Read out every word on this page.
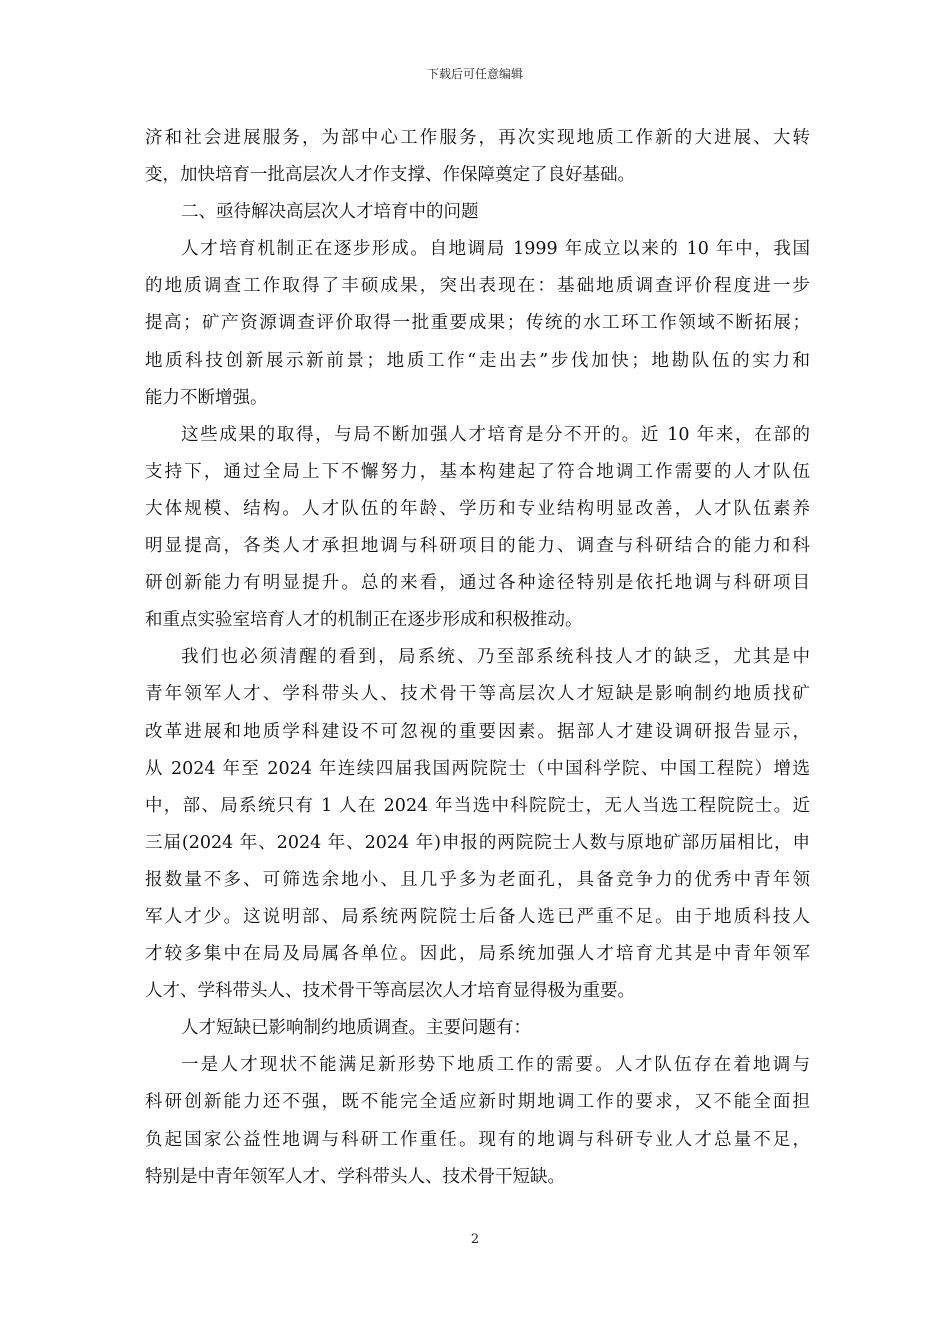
下载后可任意编辑
济和社会进展服务，为部中心工作服务，再次实现地质工作新的大进展、大转
变，加快培育一批高层次人才作支撑、作保障奠定了良好基础。
二、亟待解决高层次人才培育中的问题
人才培育机制正在逐步形成。自地调局 1999 年成立以来的 10 年中，我国
的地质调查工作取得了丰硕成果，突出表现在：基础地质调查评价程度进一步
提高；矿产资源调查评价取得一批重要成果；传统的水工环工作领域不断拓展；
地质科技创新展示新前景；地质工作“走出去”步伐加快；地勘队伍的实力和
能力不断增强。
这些成果的取得，与局不断加强人才培育是分不开的。近 10 年来，在部的
支持下，通过全局上下不懈努力，基本构建起了符合地调工作需要的人才队伍
大体规模、结构。人才队伍的年龄、学历和专业结构明显改善，人才队伍素养
明显提高，各类人才承担地调与科研项目的能力、调查与科研结合的能力和科
研创新能力有明显提升。总的来看，通过各种途径特别是依托地调与科研项目
和重点实验室培育人才的机制正在逐步形成和积极推动。
我们也必须清醒的看到，局系统、乃至部系统科技人才的缺乏，尤其是中
青年领军人才、学科带头人、技术骨干等高层次人才短缺是影响制约地质找矿
改革进展和地质学科建设不可忽视的重要因素。据部人才建设调研报告显示，
从 2024 年至 2024 年连续四届我国两院院士（中国科学院、中国工程院）增选
中，部、局系统只有 1 人在 2024 年当选中科院院士，无人当选工程院院士。近
三届(2024 年、2024 年、2024 年)申报的两院院士人数与原地矿部历届相比，申
报数量不多、可筛选余地小、且几乎多为老面孔，具备竞争力的优秀中青年领
军人才少。这说明部、局系统两院院士后备人选已严重不足。由于地质科技人
才较多集中在局及局属各单位。因此，局系统加强人才培育尤其是中青年领军
人才、学科带头人、技术骨干等高层次人才培育显得极为重要。
人才短缺已影响制约地质调查。主要问题有：
一是人才现状不能满足新形势下地质工作的需要。人才队伍存在着地调与
科研创新能力还不强，既不能完全适应新时期地调工作的要求，又不能全面担
负起国家公益性地调与科研工作重任。现有的地调与科研专业人才总量不足，
特别是中青年领军人才、学科带头人、技术骨干短缺。
2
